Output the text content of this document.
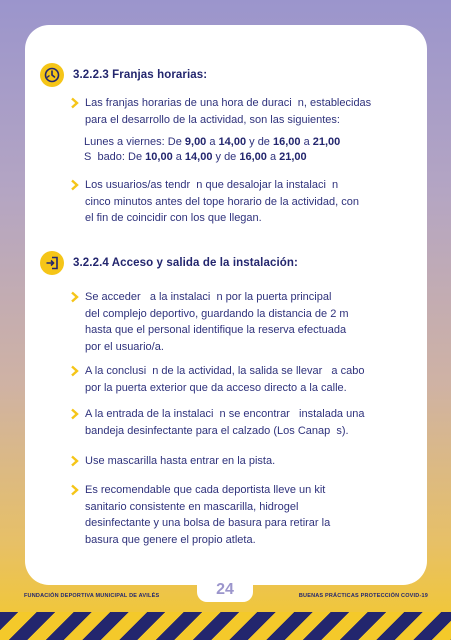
3.2.2.3 Franjas horarias:
Las franjas horarias de una hora de duraci  n, establecidas
para el desarrollo de la actividad, son las siguientes:
Lunes a viernes: De 9,00 a 14,00 y de 16,00 a 21,00
S  bado: De 10,00 a 14,00 y de 16,00 a 21,00
Los usuarios/as tendr  n que desalojar la instalaci  n
cinco minutos antes del tope horario de la actividad, con
el fin de coincidir con los que llegan.
3.2.2.4 Acceso y salida de la instalación:
Se acceder   a la instalaci  n por la puerta principal
del complejo deportivo, guardando la distancia de 2 m
hasta que el personal identifique la reserva efectuada
por el usuario/a.
A la conclusi  n de la actividad, la salida se llevar   a cabo
por la puerta exterior que da acceso directo a la calle.
A la entrada de la instalaci  n se encontrar   instalada una
bandeja desinfectante para el calzado (Los Canap  s).
Use mascarilla hasta entrar en la pista.
Es recomendable que cada deportista lleve un kit
sanitario consistente en mascarilla, hidrogel
desinfectante y una bolsa de basura para retirar la
basura que genere el propio atleta.
24
FUNDACIÓN DEPORTIVA MUNICIPAL DE AVILÉS	BUENAS PRÁCTICAS PROTECCIÓN COVID-19
